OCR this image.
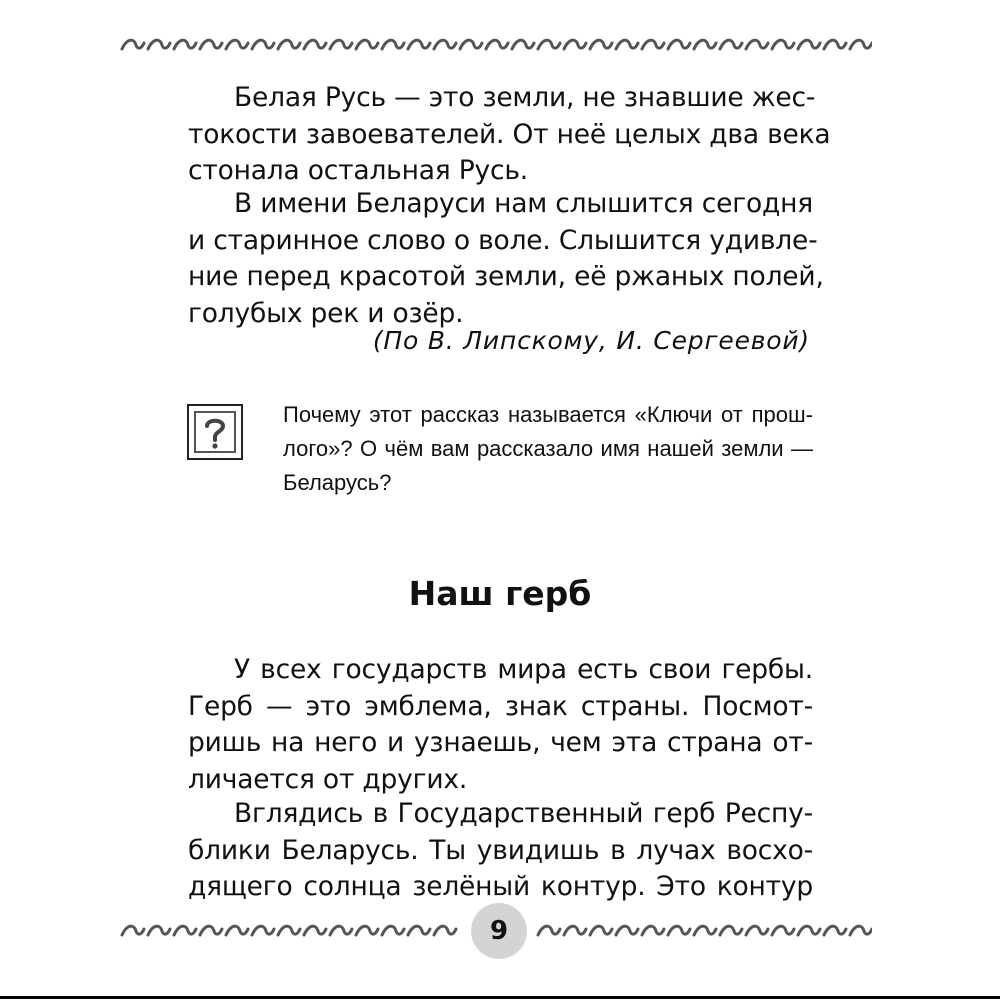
Белая Русь — это земли, не знавшие жес-
токости завоевателей. От неё целых два века
стонала остальная Русь.
В имени Беларуси нам слышится сегодня
и старинное слово о воле. Слышится удивле-
ние перед красотой земли, её ржаных полей,
голубых рек и озёр.
(По В. Липскому, И. Сергеевой)
Почему этот рассказ называется «Ключи от прош-
лого»? О чём вам рассказало имя нашей земли —
Беларусь?
Наш герб
У всех государств мира есть свои гербы.
Герб — это эмблема, знак страны. Посмот-
ришь на него и узнаешь, чем эта страна от-
личается от других.
Вглядись в Государственный герб Респу-
блики Беларусь. Ты увидишь в лучах восхо-
дящего солнца зелёный контур. Это контур
9
